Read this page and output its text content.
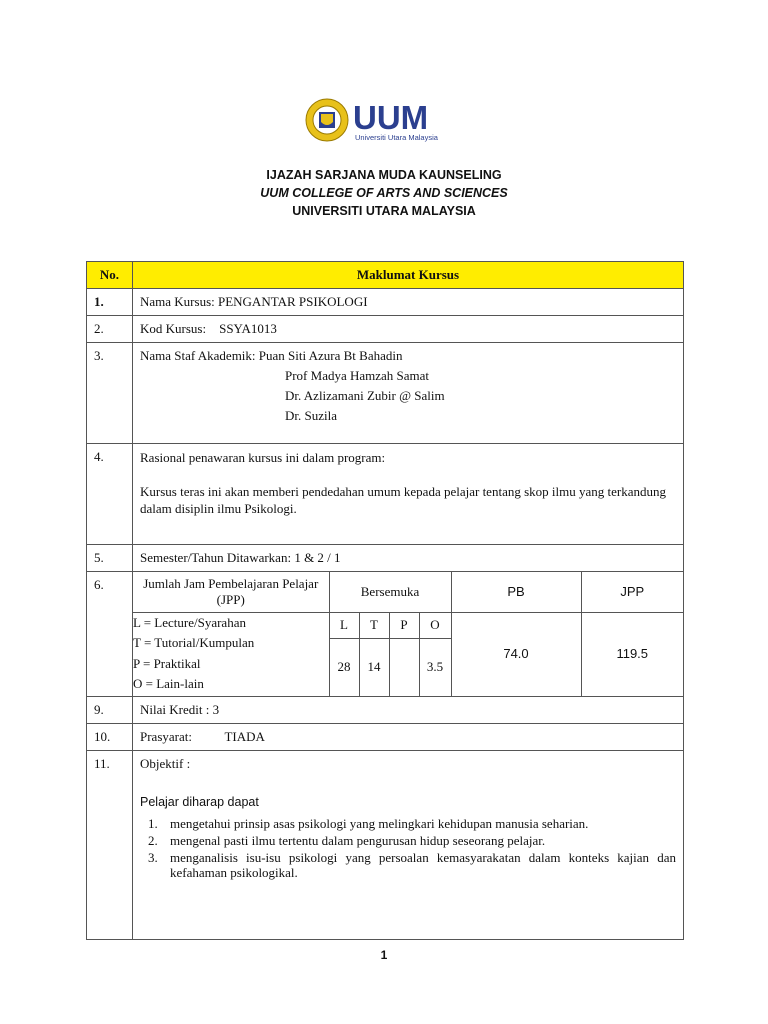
UUM
Universiti Utara Malaysia
IJAZAH SARJANA MUDA KAUNSELING
UUM COLLEGE OF ARTS AND SCIENCES
UNIVERSITI UTARA MALAYSIA
No.	Maklumat Kursus
1.	Nama Kursus: PENGANTAR PSIKOLOGI
2.	Kod Kursus: SSYA1013
3.	Nama Staf Akademik: Puan Siti Azura Bt Bahadin
Prof Madya Hamzah Samat
Dr. Azlizamani Zubir @ Salim
Dr. Suzila

4.	Rasional penawaran kursus ini dalam program:
Kursus teras ini akan memberi pendedahan umum kepada pelajar tentang skop ilmu yang terkandung dalam disiplin ilmu Psikologi.

5.	Semester/Tahun Ditawarkan: 1 & 2 / 1
6.		Jumlah Jam Pembelajaran Pelajar (JPP)	Bersemuka	PB	JPP

L = Lecture/Syarahan
T = Tutorial/Kumpulan
P = Praktikal
O = Lain-lain
	L	T	P	O	74.0	119.5
28	14		3.5

9.	Nilai Kredit : 3
10.	Prasyarat:	TIADA
11.	Objektif :
Pelajar diharap dapat
1. mengetahui prinsip asas psikologi yang melingkari kehidupan manusia seharian.
2. mengenal pasti ilmu tertentu dalam pengurusan hidup seseorang pelajar.
3. menganalisis isu-isu psikologi yang persoalan kemasyarakatan dalam konteks kajian dan kefahaman psikologikal.
1
